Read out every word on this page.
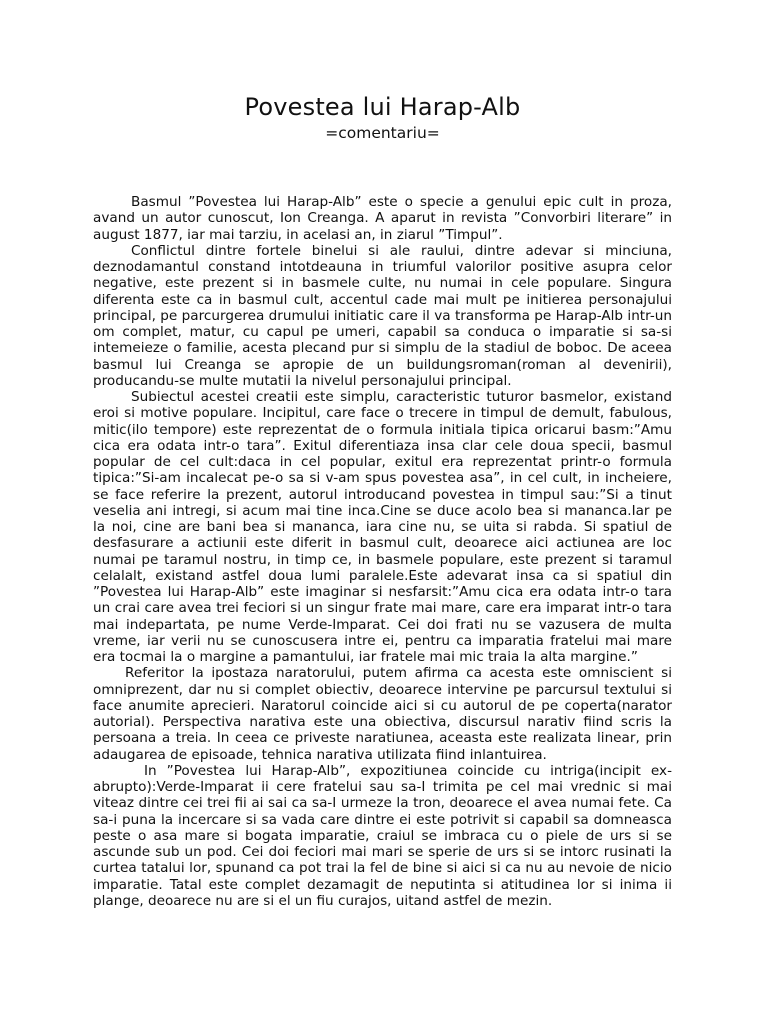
Povestea lui Harap-Alb
=comentariu=

Basmul ”Povestea lui Harap-Alb” este o specie a genului epic cult in proza, avand un autor cunoscut, Ion Creanga. A aparut in revista ”Convorbiri literare” in august 1877, iar mai tarziu, in acelasi an, in ziarul ”Timpul”.

Conflictul dintre fortele binelui si ale raului, dintre adevar si minciuna, deznodamantul constand intotdeauna in triumful valorilor positive asupra celor negative, este prezent si in basmele culte, nu numai in cele populare. Singura diferenta este ca in basmul cult, accentul cade mai mult pe initierea personajului principal, pe parcurgerea drumului initiatic care il va transforma pe Harap-Alb intr-un om complet, matur, cu capul pe umeri, capabil sa conduca o imparatie si sa-si intemeieze o familie, acesta plecand pur si simplu de la stadiul de boboc. De aceea basmul lui Creanga se apropie de un buildungsroman(roman al devenirii), producandu-se multe mutatii la nivelul personajului principal.

Subiectul acestei creatii este simplu, caracteristic tuturor basmelor, existand eroi si motive populare. Incipitul, care face o trecere in timpul de demult, fabulous, mitic(ilo tempore) este reprezentat de o formula initiala tipica oricarui basm:”Amu cica era odata intr-o tara”. Exitul diferentiaza insa clar cele doua specii, basmul popular de cel cult:daca in cel popular, exitul era reprezentat printr-o formula tipica:”Si-am incalecat pe-o sa si v-am spus povestea asa”, in cel cult, in incheiere, se face referire la prezent, autorul introducand povestea in timpul sau:”Si a tinut veselia ani intregi, si acum mai tine inca.Cine se duce acolo bea si mananca.Iar pe la noi, cine are bani bea si mananca, iara cine nu, se uita si rabda. Si spatiul de desfasurare a actiunii este diferit in basmul cult, deoarece aici actiunea are loc numai pe taramul nostru, in timp ce, in basmele populare, este prezent si taramul celalalt, existand astfel doua lumi paralele.Este adevarat insa ca si spatiul din ”Povestea lui Harap-Alb” este imaginar si nesfarsit:”Amu cica era odata intr-o tara un crai care avea trei feciori si un singur frate mai mare, care era imparat intr-o tara mai indepartata, pe nume Verde-Imparat. Cei doi frati nu se vazusera de multa vreme, iar verii nu se cunoscusera intre ei, pentru ca imparatia fratelui mai mare era tocmai la o margine a pamantului, iar fratele mai mic traia la alta margine.”

Referitor la ipostaza naratorului, putem afirma ca acesta este omniscient si omniprezent, dar nu si complet obiectiv, deoarece intervine pe parcursul textului si face anumite aprecieri. Naratorul coincide aici si cu autorul de pe coperta(narator autorial). Perspectiva narativa este una obiectiva, discursul narativ fiind scris la persoana a treia. In ceea ce priveste naratiunea, aceasta este realizata linear, prin adaugarea de episoade, tehnica narativa utilizata fiind inlantuirea.

In ”Povestea lui Harap-Alb”, expozitiunea coincide cu intriga(incipit ex-abrupto):Verde-Imparat ii cere fratelui sau sa-I trimita pe cel mai vrednic si mai viteaz dintre cei trei fii ai sai ca sa-I urmeze la tron, deoarece el avea numai fete. Ca sa-i puna la incercare si sa vada care dintre ei este potrivit si capabil sa domneasca peste o asa mare si bogata imparatie, craiul se imbraca cu o piele de urs si se ascunde sub un pod. Cei doi feciori mai mari se sperie de urs si se intorc rusinati la curtea tatalui lor, spunand ca pot trai la fel de bine si aici si ca nu au nevoie de nicio imparatie. Tatal este complet dezamagit de neputinta si atitudinea lor si inima ii plange, deoarece nu are si el un fiu curajos, uitand astfel de mezin.
